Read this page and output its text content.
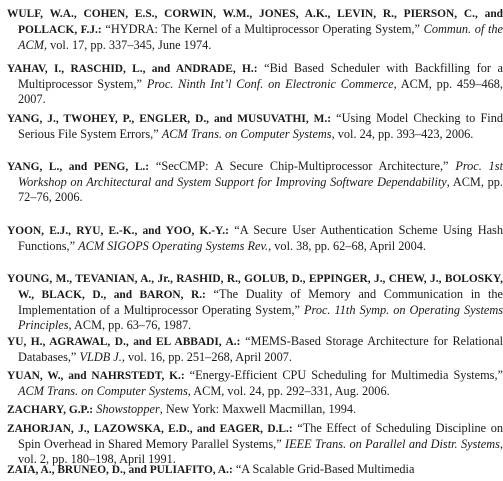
WULF, W.A., COHEN, E.S., CORWIN, W.M., JONES, A.K., LEVIN, R., PIERSON, C., and POLLACK, F.J.: “HYDRA: The Kernel of a Multiprocessor Operating System,” Commun. of the ACM, vol. 17, pp. 337–345, June 1974.

YAHAV, I., RASCHID, L., and ANDRADE, H.: “Bid Based Scheduler with Backfilling for a Multiprocessor System,” Proc. Ninth Int’l Conf. on Electronic Commerce, ACM, pp. 459–468, 2007.

YANG, J., TWOHEY, P., ENGLER, D., and MUSUVATHI, M.: “Using Model Checking to Find Serious File System Errors,” ACM Trans. on Computer Systems, vol. 24, pp. 393–423, 2006.

YANG, L., and PENG, L.: “SecCMP: A Secure Chip-Multiprocessor Architecture,” Proc. 1st Workshop on Architectural and System Support for Improving Software Dependability, ACM, pp. 72–76, 2006.

YOON, E.J., RYU, E.-K., and YOO, K.-Y.: “A Secure User Authentication Scheme Using Hash Functions,” ACM SIGOPS Operating Systems Rev., vol. 38, pp. 62–68, April 2004.

YOUNG, M., TEVANIAN, A., Jr., RASHID, R., GOLUB, D., EPPINGER, J., CHEW, J., BOLOSKY, W., BLACK, D., and BARON, R.: “The Duality of Memory and Communication in the Implementation of a Multiprocessor Operating System,” Proc. 11th Symp. on Operating Systems Principles, ACM, pp. 63–76, 1987.

YU, H., AGRAWAL, D., and EL ABBADI, A.: “MEMS-Based Storage Architecture for Relational Databases,” VLDB J., vol. 16, pp. 251–268, April 2007.

YUAN, W., and NAHRSTEDT, K.: “Energy-Efficient CPU Scheduling for Multimedia Systems,” ACM Trans. on Computer Systems, ACM, vol. 24, pp. 292–331, Aug. 2006.

ZACHARY, G.P.: Showstopper, New York: Maxwell Macmillan, 1994.

ZAHORJAN, J., LAZOWSKA, E.D., and EAGER, D.L.: “The Effect of Scheduling Discipline on Spin Overhead in Shared Memory Parallel Systems,” IEEE Trans. on Parallel and Distr. Systems, vol. 2, pp. 180–198, April 1991.

ZAIA, A., BRUNEO, D., and PULIAFITO, A.: “A Scalable Grid-Based Multimedia
